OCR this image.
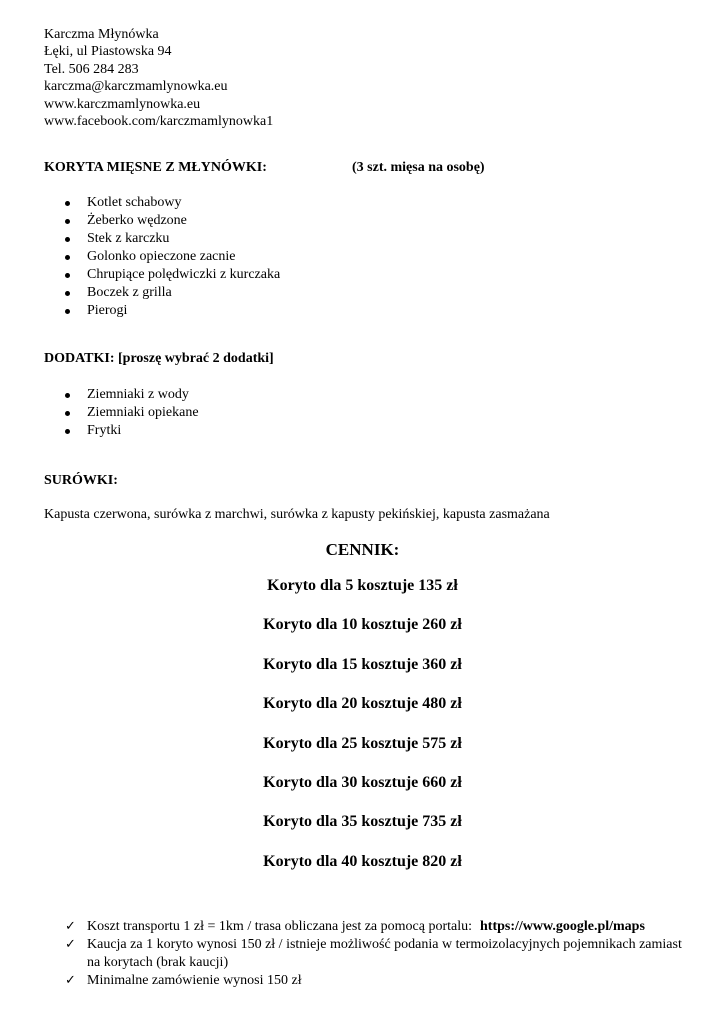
Karczma Młynówka
Łęki, ul Piastowska 94
Tel. 506 284 283
karczma@karczmamlynowka.eu
www.karczmamlynowka.eu
www.facebook.com/karczmamlynowka1
KORYTA MIĘSNE Z MŁYNÓWKI:	(3 szt. mięsa na osobę)
Kotlet schabowy
Żeberko wędzone
Stek z karczku
Golonko opieczone zacnie
Chrupiące polędwiczki z kurczaka
Boczek z grilla
Pierogi
DODATKI: [proszę wybrać 2 dodatki]
Ziemniaki z wody
Ziemniaki opiekane
Frytki
SURÓWKI:
Kapusta czerwona, surówka z marchwi, surówka z kapusty pekińskiej, kapusta zasmażana
CENNIK:
Koryto dla 5 kosztuje 135 zł
Koryto dla 10 kosztuje 260 zł
Koryto dla 15 kosztuje 360 zł
Koryto dla 20 kosztuje 480 zł
Koryto dla 25 kosztuje 575 zł
Koryto dla 30 kosztuje 660 zł
Koryto dla 35 kosztuje 735 zł
Koryto dla 40 kosztuje 820 zł
✓ Koszt transportu 1 zł = 1km / trasa obliczana jest za pomocą portalu: https://www.google.pl/maps
✓ Kaucja za 1 koryto wynosi 150 zł / istnieje możliwość podania w termoizolacyjnych pojemnikach zamiast na korytach (brak kaucji)
✓ Minimalne zamówienie wynosi 150 zł
